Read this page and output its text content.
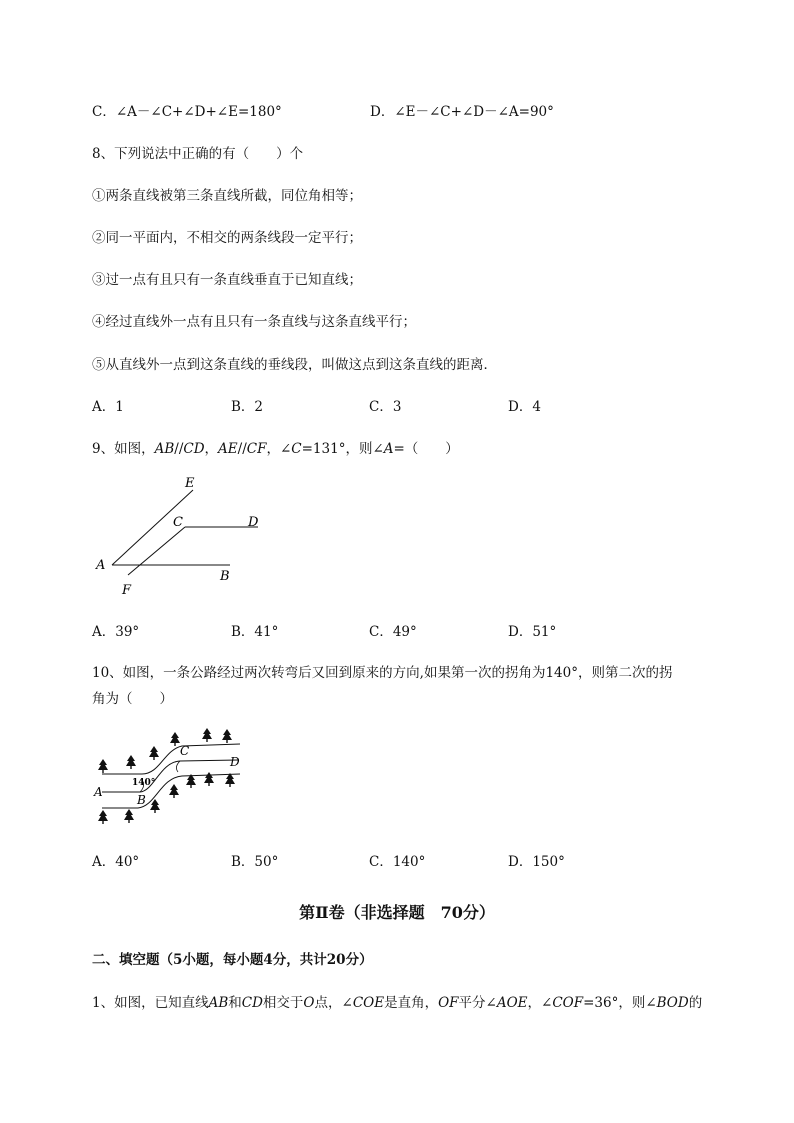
C．∠A－∠C+∠D+∠E=180°	D．∠E－∠C+∠D－∠A=90°
8、下列说法中正确的有（　　）个
①两条直线被第三条直线所截，同位角相等；
②同一平面内，不相交的两条线段一定平行；
③过一点有且只有一条直线垂直于已知直线；
④经过直线外一点有且只有一条直线与这条直线平行；
⑤从直线外一点到这条直线的垂线段，叫做这点到这条直线的距离．
A．1	B．2	C．3	D．4
9、如图，AB//CD，AE//CF，∠C=131°，则∠A=（　　）
E
C	D
A
B
F
A．39°	B．41°	C．49°	D．51°
10、如图，一条公路经过两次转弯后又回到原来的方向,如果第一次的拐角为140°，则第二次的拐
角为（　　）
A
B
C
D
140°
A．40°	B．50°	C．140°	D．150°
第Ⅱ卷（非选择题　70分）
二、填空题（5小题，每小题4分，共计20分）
1、如图，已知直线AB和CD相交于O点，∠COE是直角，OF平分∠AOE，∠COF=36°，则∠BOD的
